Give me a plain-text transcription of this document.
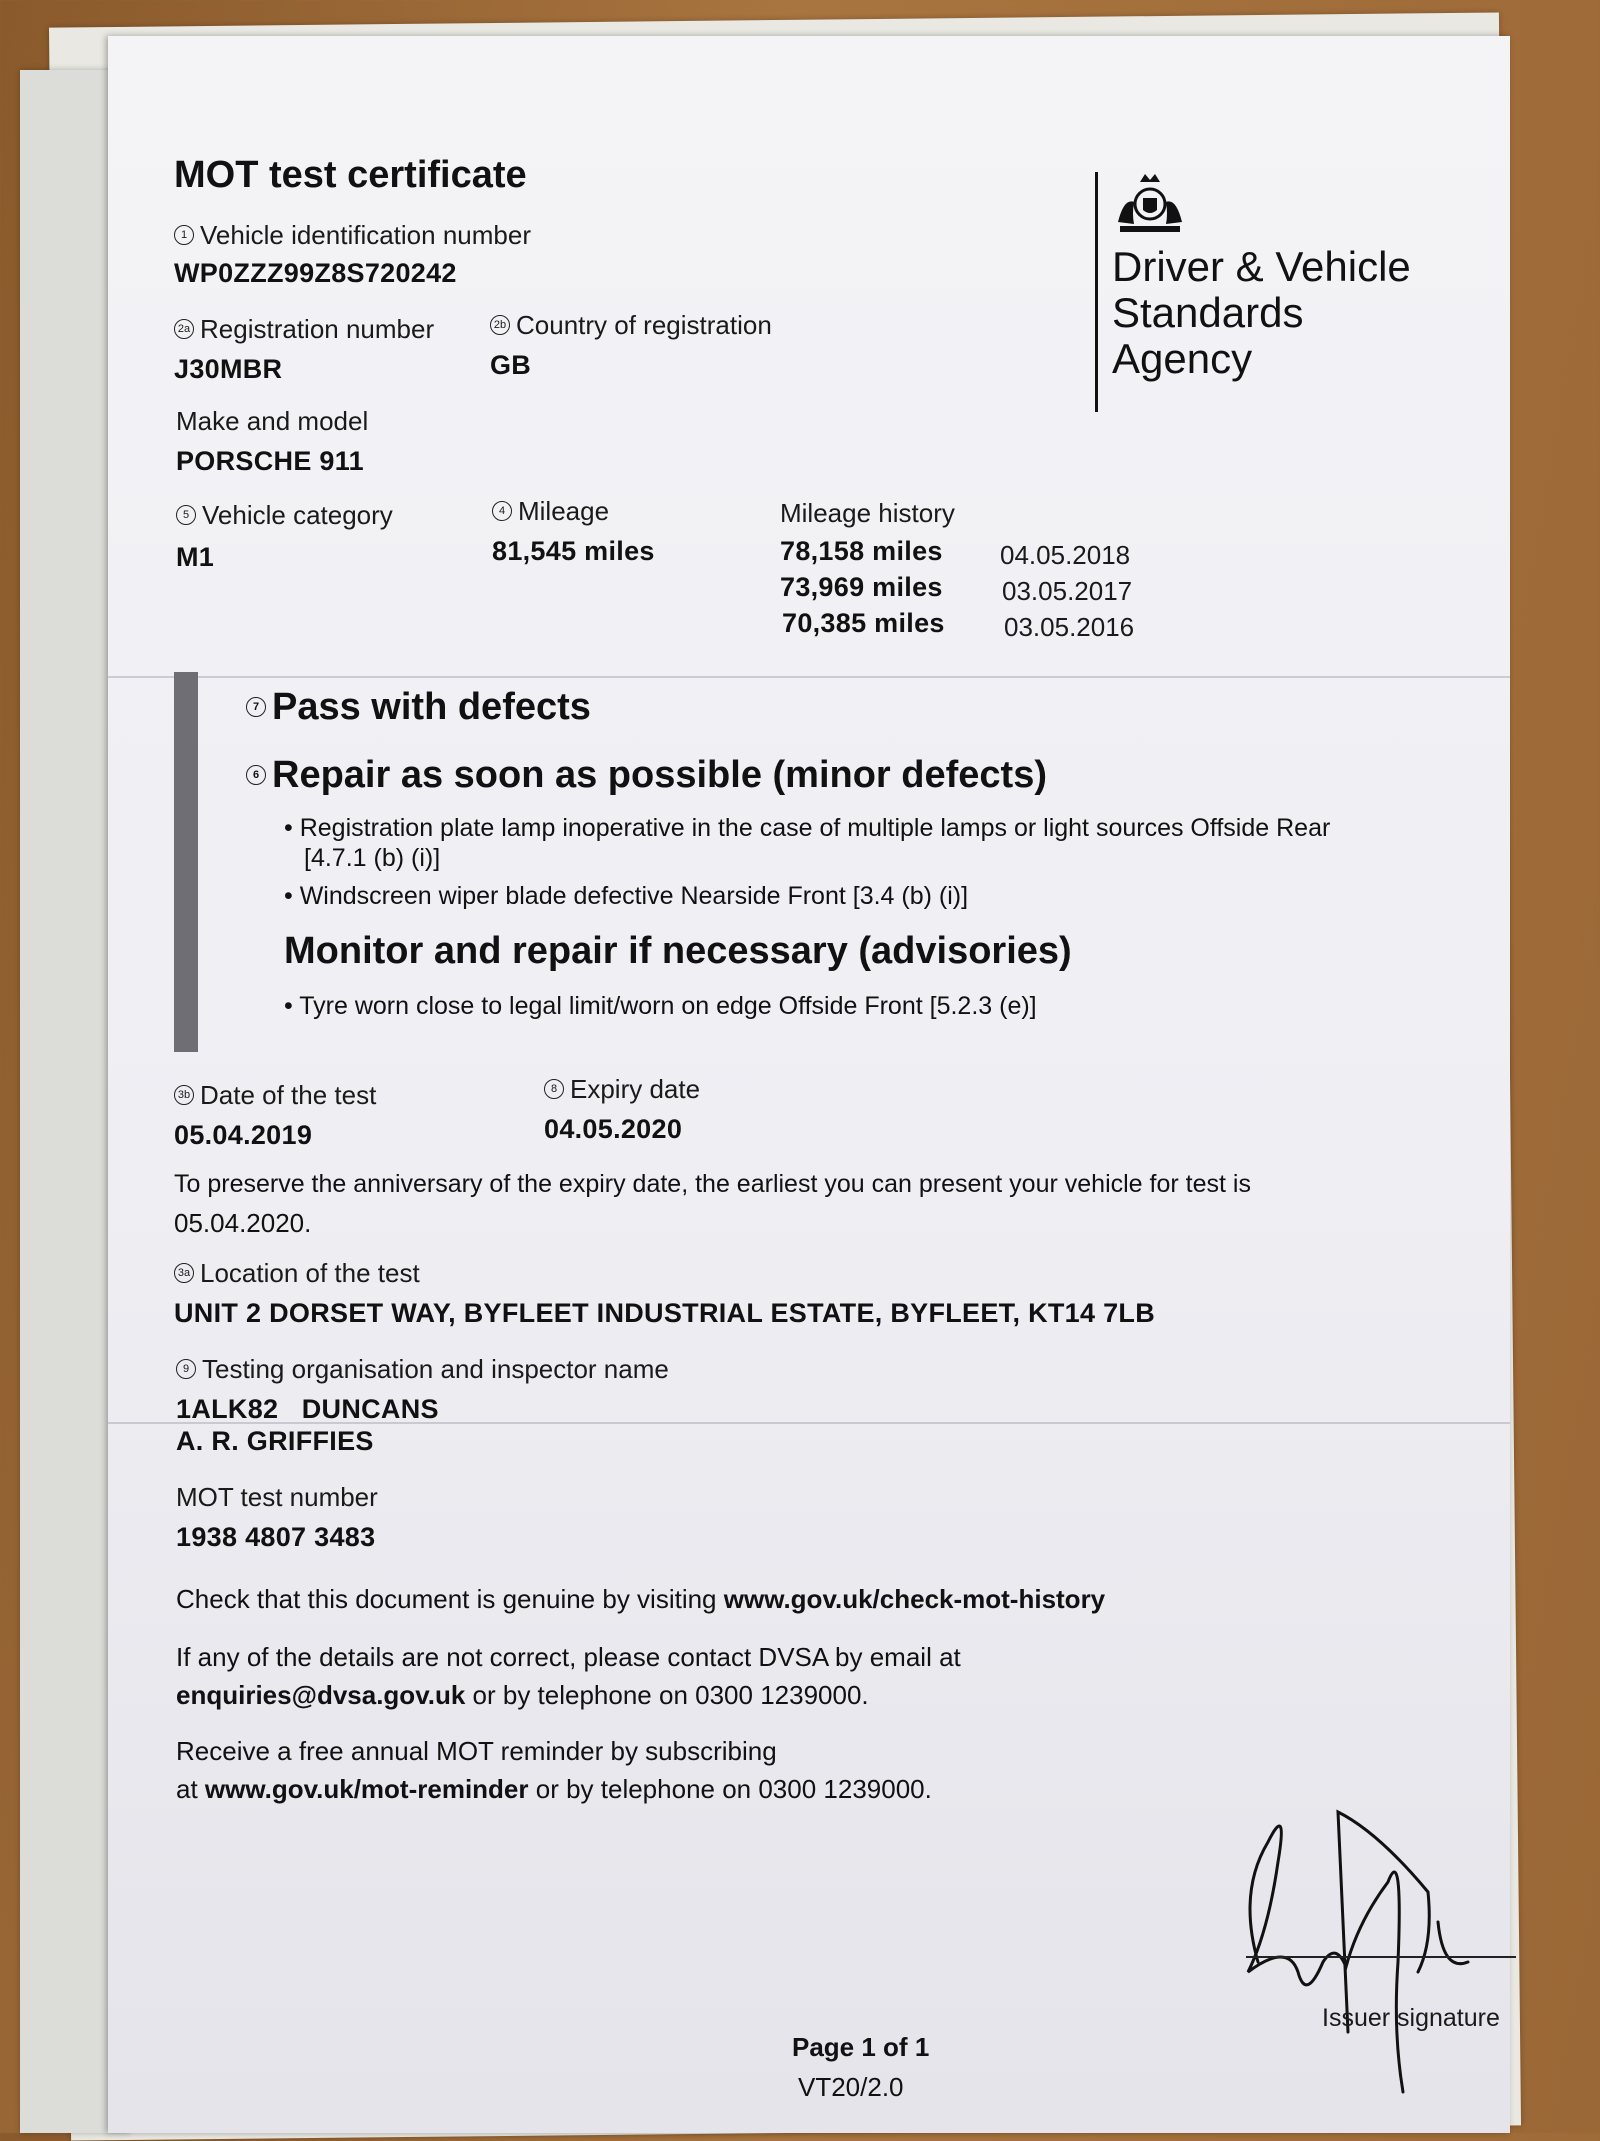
MOT test certificate
1 Vehicle identification number
WP0ZZZ99Z8S720242
2a Registration number
J30MBR
2b Country of registration
GB
Make and model
PORSCHE 911
5 Vehicle category
M1
4 Mileage
81,545 miles
Mileage history
78,158 miles 04.05.2018
73,969 miles 03.05.2017
70,385 miles 03.05.2016
Driver & Vehicle
Standards
Agency
7 Pass with defects
6 Repair as soon as possible (minor defects)
• Registration plate lamp inoperative in the case of multiple lamps or light sources Offside Rear
[4.7.1 (b) (i)]
• Windscreen wiper blade defective Nearside Front [3.4 (b) (i)]
Monitor and repair if necessary (advisories)
• Tyre worn close to legal limit/worn on edge Offside Front [5.2.3 (e)]
3b Date of the test
05.04.2019
8 Expiry date
04.05.2020
To preserve the anniversary of the expiry date, the earliest you can present your vehicle for test is
05.04.2020.
3a Location of the test
UNIT 2 DORSET WAY, BYFLEET INDUSTRIAL ESTATE, BYFLEET, KT14 7LB
9 Testing organisation and inspector name
1ALK82   DUNCANS
A. R. GRIFFIES
MOT test number
1938 4807 3483
Check that this document is genuine by visiting www.gov.uk/check-mot-history
If any of the details are not correct, please contact DVSA by email at
enquiries@dvsa.gov.uk or by telephone on 0300 1239000.
Receive a free annual MOT reminder by subscribing
at www.gov.uk/mot-reminder or by telephone on 0300 1239000.
Issuer signature
Page 1 of 1
VT20/2.0
